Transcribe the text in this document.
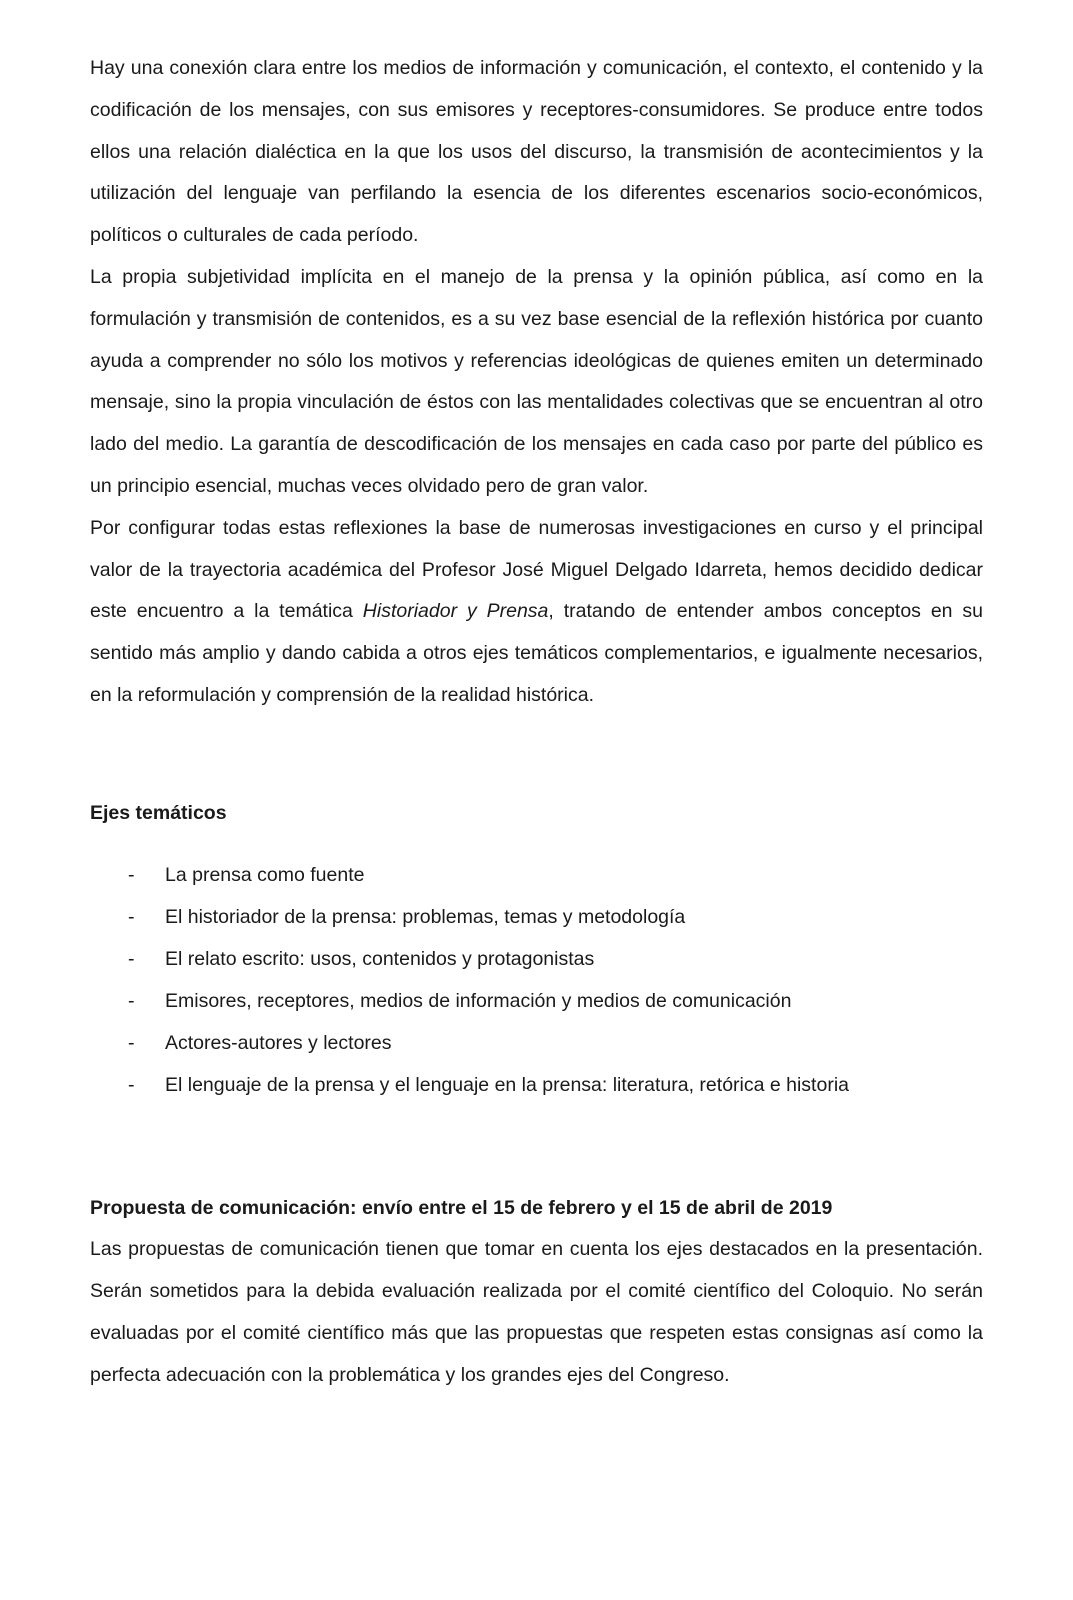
Hay una conexión clara entre los medios de información y comunicación, el contexto, el contenido y la codificación de los mensajes, con sus emisores y receptores-consumidores. Se produce entre todos ellos una relación dialéctica en la que los usos del discurso, la transmisión de acontecimientos y la utilización del lenguaje van perfilando la esencia de los diferentes escenarios socio-económicos, políticos o culturales de cada período.

La propia subjetividad implícita en el manejo de la prensa y la opinión pública, así como en la formulación y transmisión de contenidos, es a su vez base esencial de la reflexión histórica por cuanto ayuda a comprender no sólo los motivos y referencias ideológicas de quienes emiten un determinado mensaje, sino la propia vinculación de éstos con las mentalidades colectivas que se encuentran al otro lado del medio. La garantía de descodificación de los mensajes en cada caso por parte del público es un principio esencial, muchas veces olvidado pero de gran valor.

Por configurar todas estas reflexiones la base de numerosas investigaciones en curso y el principal valor de la trayectoria académica del Profesor José Miguel Delgado Idarreta, hemos decidido dedicar este encuentro a la temática Historiador y Prensa, tratando de entender ambos conceptos en su sentido más amplio y dando cabida a otros ejes temáticos complementarios, e igualmente necesarios, en la reformulación y comprensión de la realidad histórica.

Ejes temáticos

- La prensa como fuente
- El historiador de la prensa: problemas, temas y metodología
- El relato escrito: usos, contenidos y protagonistas
- Emisores, receptores, medios de información y medios de comunicación
- Actores-autores y lectores
- El lenguaje de la prensa y el lenguaje en la prensa: literatura, retórica e historia

Propuesta de comunicación: envío entre el 15 de febrero y el 15 de abril de 2019

Las propuestas de comunicación tienen que tomar en cuenta los ejes destacados en la presentación. Serán sometidos para la debida evaluación realizada por el comité científico del Coloquio. No serán evaluadas por el comité científico más que las propuestas que respeten estas consignas así como la perfecta adecuación con la problemática y los grandes ejes del Congreso.
